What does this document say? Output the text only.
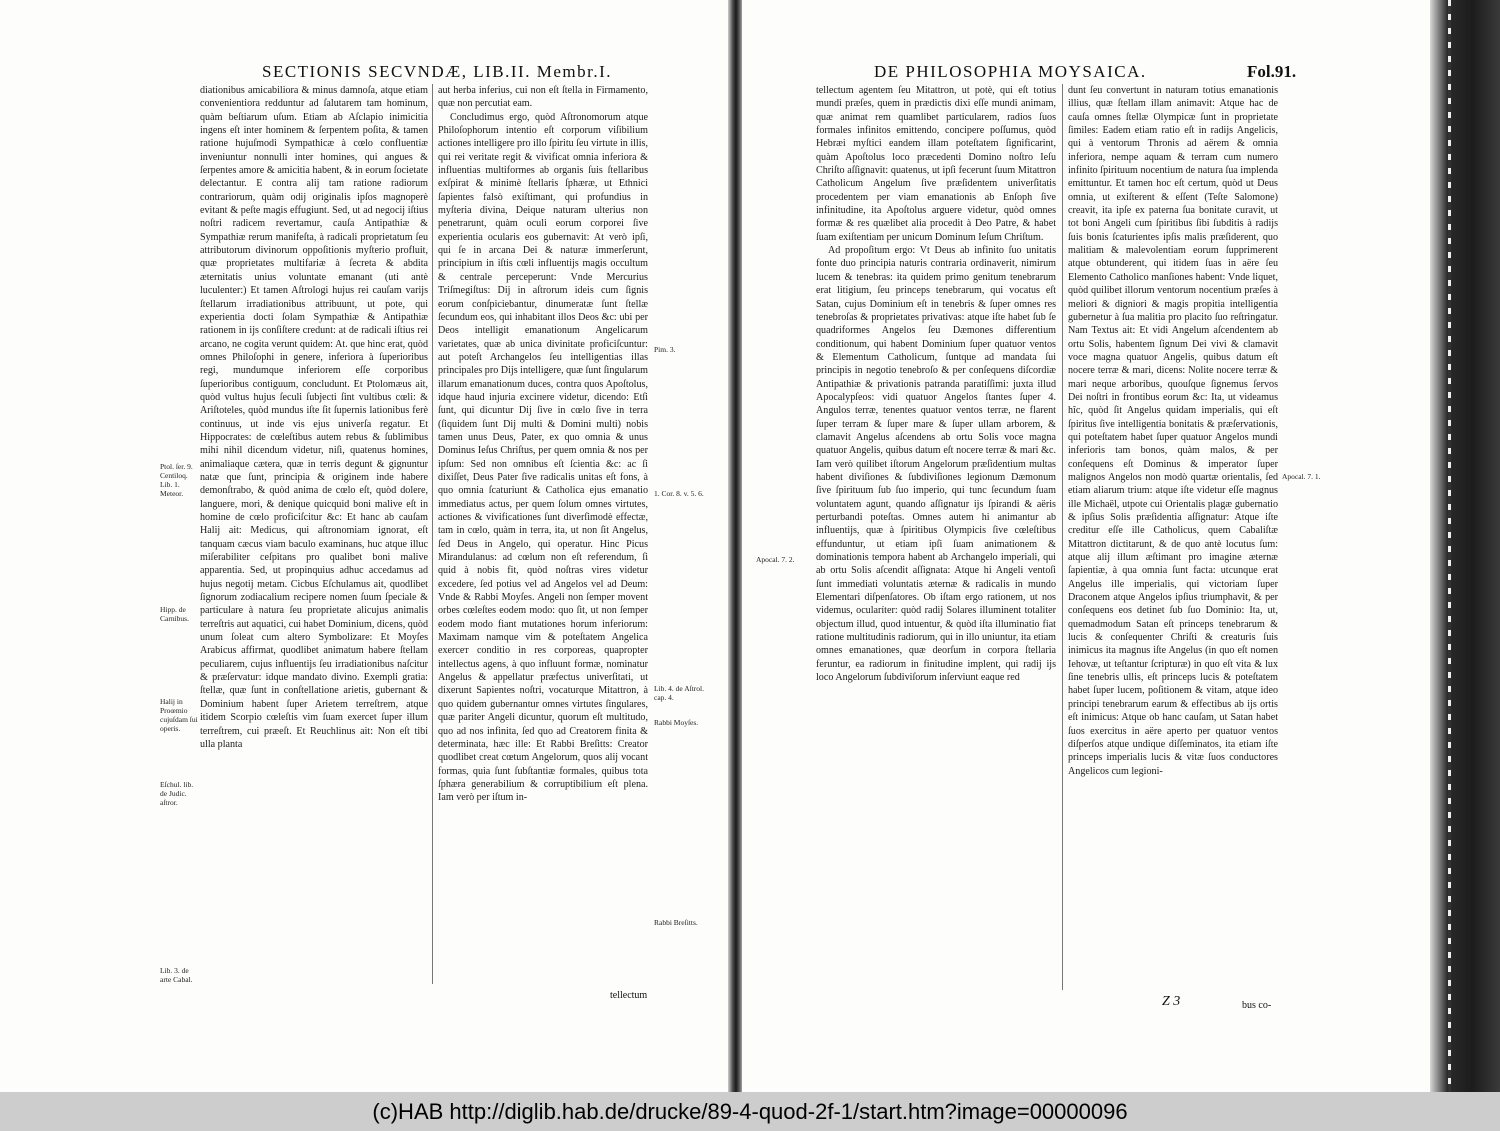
SECTIONIS SECVNDÆ, LIB.II. Membr.I.

diationibus amicabiliora & minus damnoſa, atque etiam convenientiora redduntur ad ſalutarem tam hominum, quàm beſtiarum uſum. Etiam ab Aſclapio inimicitia ingens eſt inter hominem & ſerpentem poſita, & tamen ratione hujuſmodi Sympathicæ à cœlo confluentiæ inveniuntur nonnulli inter homines, qui angues & ſerpentes amore & amicitia habent, & in eorum ſocietate delectantur. E contra alij tam ratione radiorum contrariorum, quàm odij originalis ipſos magnoperè evitant & peſte magis effugiunt. Sed, ut ad negocij iſtius noſtri radicem revertamur, cauſa Antipathiæ & Sympathiæ rerum manifeſta, à radicali proprietatum ſeu attributorum divinorum oppoſitionis myſterio profluit, quæ proprietates multifariæ à ſecreta & abdita æternitatis unius voluntate emanant (uti antè luculenter:) Et tamen Aſtrologi hujus rei cauſam varijs ſtellarum irradiationibus attribuunt, ut pote, qui experientia docti ſolam Sympathiæ & Antipathiæ rationem in ijs conſiſtere credunt: at de radicali iſtius rei arcano, ne cogita verunt quidem: At. que hinc erat, quòd omnes Philoſophi in genere, inferiora à ſuperioribus regi, mundumque inferiorem eſſe corporibus ſuperioribus contiguum, concludunt. Et Ptolomæus ait, quòd vultus hujus ſeculi ſubjecti ſint vultibus cœli: & Ariſtoteles, quòd mundus iſte ſit ſupernis lationibus ferè continuus, ut inde vis ejus univerſa regatur. Et Hippocrates: de cœleſtibus autem rebus & ſublimibus mihi nihil dicendum videtur, niſi, quatenus homines, animaliaque cætera, quæ in terris degunt & gignuntur natæ que ſunt, principia & originem inde habere demonſtrabo, & quòd anima de cœlo eſt, quòd dolere, languere, mori, & denique quicquid boni malive eſt in homine de cœlo proficiſcitur &c: Et hanc ab cauſam Halij ait: Medicus, qui aſtronomiam ignorat, eſt tanquam cæcus viam baculo examinans, huc atque illuc miſerabiliter ceſpitans pro qualibet boni malive apparentia. Sed, ut propinquius adhuc accedamus ad hujus negotij metam. Cicbus Eſchulamus ait, quodlibet ſignorum zodiacalium recipere nomen ſuum ſpeciale & particulare à natura ſeu proprietate alicujus animalis terreſtris aut aquatici, cui habet Dominium, dicens, quòd unum ſoleat cum altero Symbolizare: Et Moyſes Arabicus affirmat, quodlibet animatum habere ſtellam peculiarem, cujus influentijs ſeu irradiationibus naſcitur & præſervatur: idque mandato divino. Exempli gratia: ſtellæ, quæ ſunt in conſtellatione arietis, gubernant & Dominium habent ſuper Arietem terreſtrem, atque itidem Scorpio cœleſtis vim ſuam exercet ſuper illum terreſtrem, cui præeſt. Et Reuchlinus ait: Non eſt tibi ulla planta

aut herba inferius, cui non eſt ſtella in Firmamento, quæ non percutiat eam.

Concludimus ergo, quòd Aſtronomorum atque Philoſophorum intentio eſt corporum viſibilium actiones intelligere pro illo ſpiritu ſeu virtute in illis, qui rei veritate regit & vivificat omnia inferiora & influentias multiformes ab organis ſuis ſtellaribus exſpirat & minimè ſtellaris ſphæræ, ut Ethnici ſapientes falsò exiſtimant, qui profundius in myſteria divina, Deique naturam ulterius non penetrarunt, quàm oculi eorum corporei ſive experientia ocularis eos gubernavit: At verò ipſi, qui ſe in arcana Dei & naturæ immerſerunt, principium in iſtis cœli influentijs magis occultum & centrale perceperunt: Vnde Mercurius Triſmegiſtus: Dij in aſtrorum ideis cum ſignis eorum conſpiciebantur, dinumeratæ ſunt ſtellæ ſecundum eos, qui inhabitant illos Deos &c: ubi per Deos intelligit emanationum Angelicarum varietates, quæ ab unica divinitate proficiſcuntur: aut poteſt Archangelos ſeu intelligentias illas principales pro Dijs intelligere, quæ ſunt ſingularum illarum emanationum duces, contra quos Apoſtolus, idque haud injuria exciпere videtur, dicendo: Etſi ſunt, qui dicuntur Dij ſive in cœlo ſive in terra (ſiquidem ſunt Dij multi & Domini multi) nobis tamen unus Deus, Pater, ex quo omnia & unus Dominus Ieſus Chriſtus, per quem omnia & nos per ipſum: Sed non omnibus eſt ſcientia &c: ac ſi dixiſſet, Deus Pater ſive radicalis unitas eſt fons, à quo omnia ſcaturiunt & Catholica ejus emanatio immediatus actus, per quem ſolum omnes virtutes, actiones & vivificationes ſunt diverſimodè effectæ, tam in cœlo, quàm in terra, ita, ut non ſit Angelus, ſed Deus in Angelo, qui operatur. Hinc Picus Mirandulanus: ad cœlum non eſt referendum, ſi quid à nobis fit, quòd noſtras vires videtur excedere, ſed potius vel ad Angelos vel ad Deum: Vnde & Rabbi Moyſes. Angeli non ſemper movent orbes cœleſtes eodem modo: quo ſit, ut non ſemper eodem modo fiant mutationes horum inferiorum: Maximam namque vim & poteſtatem Angelica exerceт conditio in res corporeas, quapropter intellectus agens, à quo influunt formæ, nominatur Angelus & appellatur præfectus univerſitati, ut dixerunt Sapientes noſtri, vocaturque Mitattron, à quo quidem gubernantur omnes virtutes ſingulares, quæ pariter Angeli dicuntur, quorum eſt multitudo, quo ad nos infinita, ſed quo ad Creatorem finita & determinata, hæc ille: Et Rabbi Breſitts: Creator quodlibet creat cœtum Angelorum, quos alij vocant formas, quia ſunt ſubſtantiæ formales, quibus tota ſphæra generabilium & corruptibilium eſt plena. Iam verò per iſtum in-

tellectum
Ptol. ſer. 9. Centiloq. Lib. 1. Meteor.
Hipp. de Carnibus.
Halij in Proœmio cujuſdam ſui operis.
Eſchul. lib. de Judic. aſtror.
Lib. 3. de arte Cabal.
Pim. 3.
1. Cor. 8. v. 5. 6.
Lib. 4. de Aſtrol. cap. 4.
Rabbi Moyſes.
Rabbi Breſitts.
DE PHILOSOPHIA MOYSAICA.	Fol.91.

tellectum agentem ſeu Mitattron, ut potè, qui eſt totius mundi præſes, quem in prædictis dixi eſſe mundi animam, quæ animat rem quamlibet particularem, radios ſuos formales infinitos emittendo, concipere poſſumus, quòd Hebræi myſtici eandem illam poteſtatem ſignificarint, quàm Apoſtolus loco præcedenti Domino noſtro Ieſu Chriſto aſſignavit: quatenus, ut ipſi fecerunt ſuum Mitattron Catholicum Angelum ſive præſidentem univerſitatis procedentem per viam emanationis ab Enſoph ſive infinitudine, ita Apoſtolus arguere videtur, quòd omnes formæ & res quælibet alia procedit à Deo Patre, & habet ſuam exiſtentiam per unicum Dominum Ieſum Chriſtum.

Ad propoſitum ergo: Vt Deus ab infinito ſuo unitatis fonte duo principia naturis contraria ordinaverit, nimirum lucem & tenebras: ita quidem primo genitum tenebrarum erat litigium, ſeu princeps tenebrarum, qui vocatus eſt Satan, cujus Dominium eſt in tenebris & ſuper omnes res tenebroſas & proprietates privativas: atque iſte habet ſub ſe quadriformes Angelos ſeu Dæmones differentium conditionum, qui habent Dominium ſuper quatuor ventos & Elementum Catholicum, ſuntque ad mandata ſui principis in negotio tenebroſo & per conſequens diſcordiæ Antipathiæ & privationis patranda paratiſſimi: juxta illud Apocalypſeos: vidi quatuor Angelos ſtantes ſuper 4. Angulos terræ, tenentes quatuor ventos terræ, ne flarent ſuper terram & ſuper mare & ſuper ullam arborem, & clamavit Angelus aſcendens ab ortu Solis voce magna quatuor Angelis, quibus datum eſt nocere terræ & mari &c. Iam verò quilibet iſtorum Angelorum præſidentium multas habent diviſiones & ſubdiviſiones legionum Dæmonum ſive ſpirituum ſub ſuo imperio, qui tunc ſecundum ſuam voluntatem agunt, quando aſſignatur ijs ſpirandi & aëris perturbandi poteſtas. Omnes autem hi animantur ab influentijs, quæ à ſpiritibus Olympicis ſive cœleſtibus effunduntur, ut etiam ipſi ſuam animationem & dominationis tempora habent ab Archangelo imperiali, qui ab ortu Solis aſcendit aſſignata: Atque hi Angeli ventoſi ſunt immediati voluntatis æternæ & radicalis in mundo Elementari diſpenſatores. Ob iſtam ergo rationem, ut nos videmus, ocularíter: quòd radij Solares illuminent totaliter objectum illud, quod intuentur, & quòd iſta illuminatio fiat ratione multitudinis radiorum, qui in illo uniuntur, ita etiam omnes emanationes, quæ deorſum in corpora ſtellaria feruntur, ea radiorum in finitudine implent, qui radij ijs loco Angelorum ſubdiviſorum inſerviunt eaque red

dunt ſeu convertunt in naturam totius emanationis illius, quæ ſtellam illam animavit: Atque hac de cauſa omnes ſtellæ Olympicæ ſunt in proprietate ſimiles: Eadem etiam ratio eſt in radijs Angelicis, qui à ventorum Thronis ad aërem & omnia inferiora, nempe aquam & terram cum numero infinito ſpirituum nocentium de natura ſua implenda emittuntur. Et tamen hoc eſt certum, quòd ut Deus omnia, ut exiſterent & eſſent (Teſte Salomone) creavit, ita ipſe ex paterna ſua bonitate curavit, ut tot boni Angeli cum ſpiritibus ſibi ſubditis à radijs ſuis bonis ſcaturientes ipſis malis præſiderent, quo malitiam & malevolentiam eorum ſupprimerent atque obtunderent, qui itidem ſuas in aëre ſeu Elemento Catholico manſiones habent: Vnde liquet, quòd quilibet illorum ventorum nocentium præſes à meliori & digniori & magis propitia intelligentia gubernetur à ſua malitia pro placito ſuo reſtringatur. Nam Textus ait: Et vidi Angelum aſcendentem ab ortu Solis, habentem ſignum Dei vivi & clamavit voce magna quatuor Angelis, quibus datum eſt nocere terræ & mari, dicens: Nolite nocere terræ & mari neque arboribus, quouſque ſignemus ſervos Dei noſtri in frontibus eorum &c: Ita, ut videamus hîc, quòd ſit Angelus quidam imperialis, qui eſt ſpiritus ſive intelligentia bonitatis & præſervationis, qui poteſtatem habet ſuper quatuor Angelos mundi inferioris tam bonos, quàm malos, & per conſequens eſt Dominus & imperator ſuper malignos Angelos non modò quartæ orientalis, ſed etiam aliarum trium: atque iſte videtur eſſe magnus ille Michaël, utpote cui Orientalis plagæ gubernatio & ipſius Solis præſidentia aſſignatur: Atque iſte creditur eſſe ille Catholicus, quem Cabaliſtæ Mitattron dictitarunt, & de quo antè locutus ſum: atque alij illum æſtimant pro imagine æternæ ſapientiæ, à qua omnia ſunt facta: utcunque erat Angelus ille imperialis, qui victoriam ſuper Draconem atque Angelos ipſius triumphavit, & per conſequens eos detinet ſub ſuo Dominio: Ita, ut, quemadmodum Satan eſt princeps tenebrarum & lucis & conſequenter Chriſti & creaturis ſuis inimicus ita magnus iſte Angelus (in quo eſt nomen Iehovæ, ut teſtantur ſcripturæ) in quo eſt vita & lux ſine tenebris ullis, eſt princeps lucis & poteſtatem habet ſuper lucem, poſitionem & vitam, atque ideo principi tenebrarum earum & effectibus ab ijs ortis eſt inimicus: Atque ob hanc cauſam, ut Satan habet ſuos exercitus in aëre aperto per quatuor ventos diſperſos atque undique diſſeminatos, ita etiam iſte princeps imperialis lucis & vitæ ſuos conductores Angelicos cum legioni-

Z 3	bus co-
Apocal. 7. 1.
Apocal. 7. 2.
(c)HAB http://diglib.hab.de/drucke/89-4-quod-2f-1/start.htm?image=00000096
